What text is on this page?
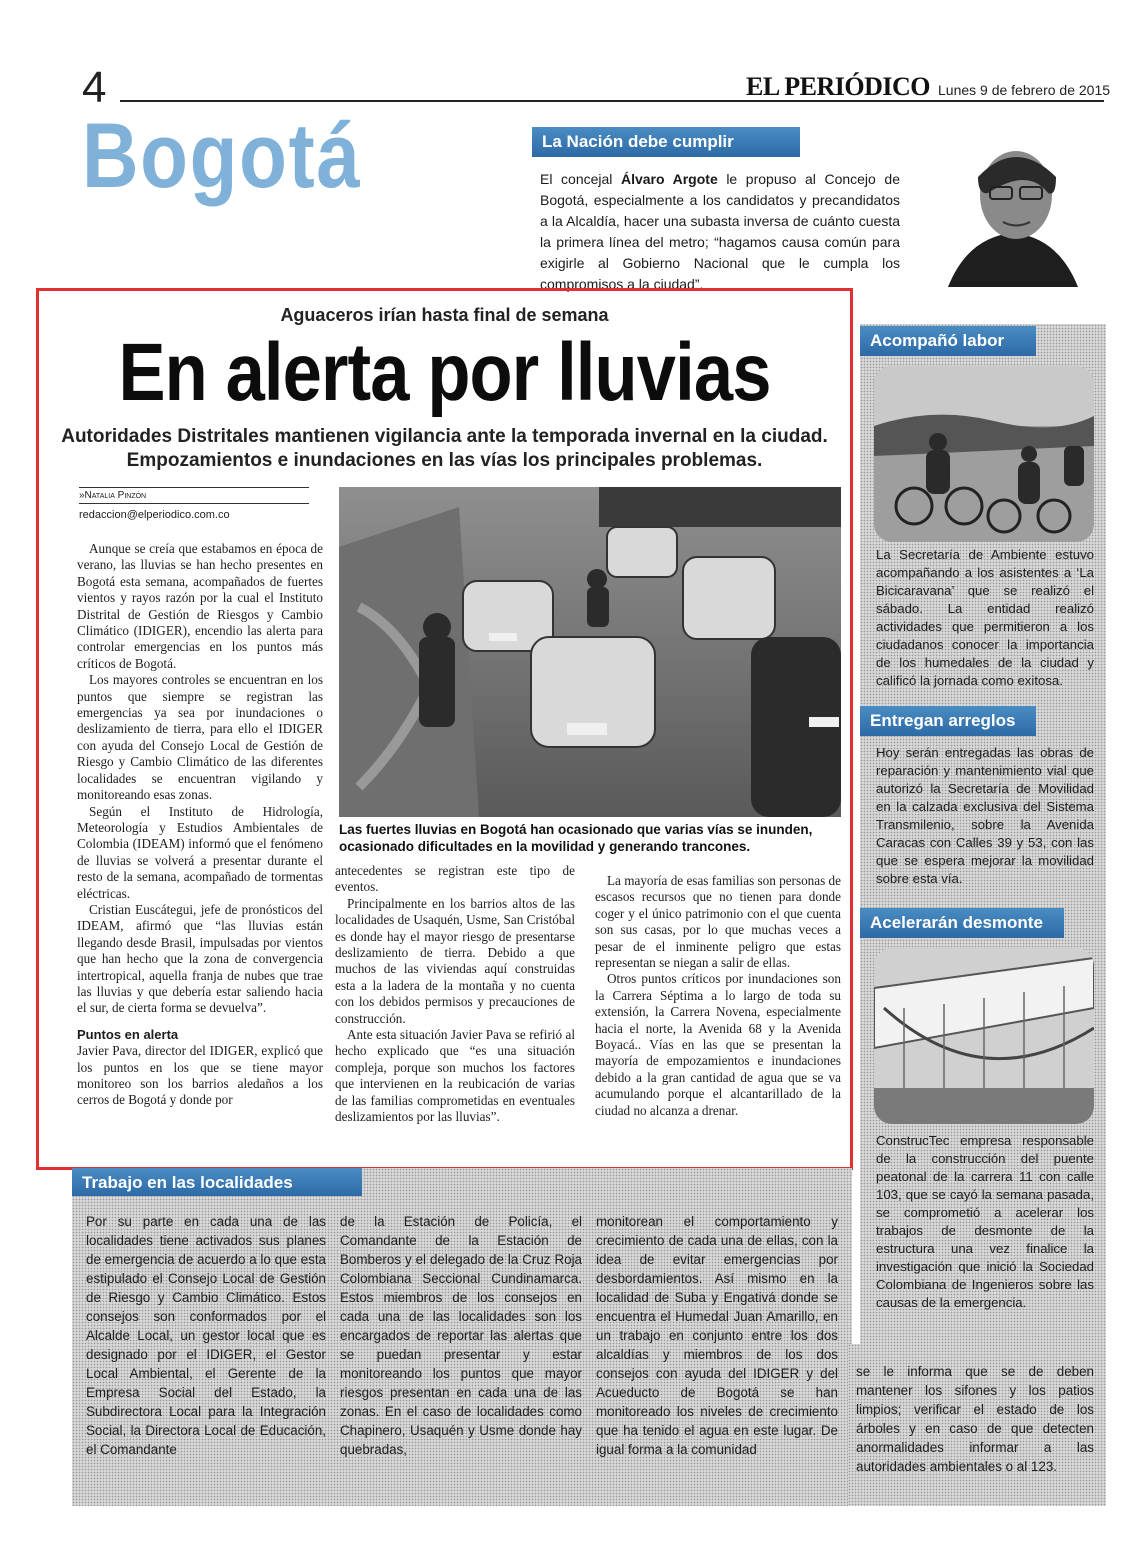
4	EL PERIÓDICO Lunes 9 de febrero de 2015
Bogotá	La Nación debe cumplir
El concejal Álvaro Argote le propuso al Concejo de Bogotá, especialmente a los candidatos y precandidatos a la Alcaldía, hacer una subasta inversa de cuánto cuesta la primera línea del metro; “hagamos causa común para exigirle al Gobierno Nacional que le cumpla los compromisos a la ciudad”.
Aguaceros irían hasta final de semana
En alerta por lluvias
Autoridades Distritales mantienen vigilancia ante la temporada invernal en la ciudad.
Empozamientos e inundaciones en las vías los principales problemas.
»Natalia Pinzón
redaccion@elperiodico.com.co

Aunque se creía que estabamos en época de verano, las lluvias se han hecho presentes en Bogotá esta semana, acompañados de fuertes vientos y rayos razón por la cual el Instituto Distrital de Gestión de Riesgos y Cambio Climático (IDIGER), encendio las alerta para controlar emergencias en los puntos más críticos de Bogotá.

Los mayores controles se encuentran en los puntos que siempre se registran las emergencias ya sea por inundaciones o deslizamiento de tierra, para ello el IDIGER con ayuda del Consejo Local de Gestión de Riesgo y Cambio Climático de las diferentes localidades se encuentran vigilando y monitoreando esas zonas.

Según el Instituto de Hidrología, Meteorología y Estudios Ambientales de Colombia (IDEAM) informó que el fenómeno de lluvias se volverá a presentar durante el resto de la semana, acompañado de tormentas eléctricas.

Cristian Euscátegui, jefe de pronósticos del IDEAM, afirmó que “las lluvias están llegando desde Brasil, impulsadas por vientos que han hecho que la zona de convergencia intertropical, aquella franja de nubes que trae las lluvias y que debería estar saliendo hacia el sur, de cierta forma se devuelva”.

Puntos en alerta

Javier Pava, director del IDIGER, explicó que los puntos en los que se tiene mayor monitoreo son los barrios aledaños a los cerros de Bogotá y donde por

Las fuertes lluvias en Bogotá han ocasionado que varias vías se inunden, ocasionado dificultades en la movilidad y generando trancones.

antecedentes se registran este tipo de eventos.

Principalmente en los barrios altos de las localidades de Usaquén, Usme, San Cristóbal es donde hay el mayor riesgo de presentarse deslizamiento de tierra. Debido a que muchos de las viviendas aquí construidas esta a la ladera de la montaña y no cuenta con los debidos permisos y precauciones de construcción.

Ante esta situación Javier Pava se refirió al hecho explicado que “es una situación compleja, porque son muchos los factores que intervienen en la reubicación de varias de las familias comprometidas en eventuales deslizamientos por las lluvias”.

La mayoría de esas familias son personas de escasos recursos que no tienen para donde coger y el único patrimonio con el que cuenta son sus casas, por lo que muchas veces a pesar de el inminente peligro que estas representan se niegan a salir de ellas.

Otros puntos críticos por inundaciones son la Carrera Séptima a lo largo de toda su extensión, la Carrera Novena, especialmente hacia el norte, la Avenida 68 y la Avenida Boyacá.. Vías en las que se presentan la mayoría de empozamientos e inundaciones debido a la gran cantidad de agua que se va acumulando porque el alcantarillado de la ciudad no alcanza a drenar.

Acompañó labor
La Secretaría de Ambiente estuvo acompañando a los asistentes a ‘La Bicicaravana’ que se realizó el sábado. La entidad realizó actividades que permitieron a los ciudadanos conocer la importancia de los humedales de la ciudad y calificó la jornada como exitosa.
Entregan arreglos
Hoy serán entregadas las obras de reparación y mantenimiento vial que autorizó la Secretaría de Movilidad en la calzada exclusiva del Sistema Transmilenio, sobre la Avenida Caracas con Calles 39 y 53, con las que se espera mejorar la movilidad sobre esta vía.
Acelerarán desmonte
ConstrucTec empresa responsable de la construcción del puente peatonal de la carrera 11 con calle 103, que se cayó la semana pasada, se comprometió a acelerar los trabajos de desmonte de la estructura una vez finalice la investigación que inició la Sociedad Colombiana de Ingenieros sobre las causas de la emergencia.
Trabajo en las localidades
Por su parte en cada una de las localidades tiene activados sus planes de emergencia de acuerdo a lo que esta estipulado el Consejo Local de Gestión de Riesgo y Cambio Climático. Estos consejos son conformados por el Alcalde Local, un gestor local que es designado por el IDIGER, el Gestor Local Ambiental, el Gerente de la Empresa Social del Estado, la Subdirectora Local para la Integración Social, la Directora Local de Educación, el Comandante
de la Estación de Policía, el Comandante de la Estación de Bomberos y el delegado de la Cruz Roja Colombiana Seccional Cundinamarca. Estos miembros de los consejos en cada una de las localidades son los encargados de reportar las alertas que se puedan presentar y estar monitoreando los puntos que mayor riesgos presentan en cada una de las zonas. En el caso de localidades como Chapinero, Usaquén y Usme donde hay quebradas,
monitorean el comportamiento y crecimiento de cada una de ellas, con la idea de evitar emergencias por desbordamientos. Así mismo en la localidad de Suba y Engativá donde se encuentra el Humedal Juan Amarillo, en un trabajo en conjunto entre los dos alcaldías y miembros de los dos consejos con ayuda del IDIGER y del Acueducto de Bogotá se han monitoreado los niveles de crecimiento que ha tenido el agua en este lugar. De igual forma a la comunidad
se le informa que se de deben mantener los sifones y los patios limpios; verificar el estado de los árboles y en caso de que detecten anormalidades informar a las autoridades ambientales o al 123.
